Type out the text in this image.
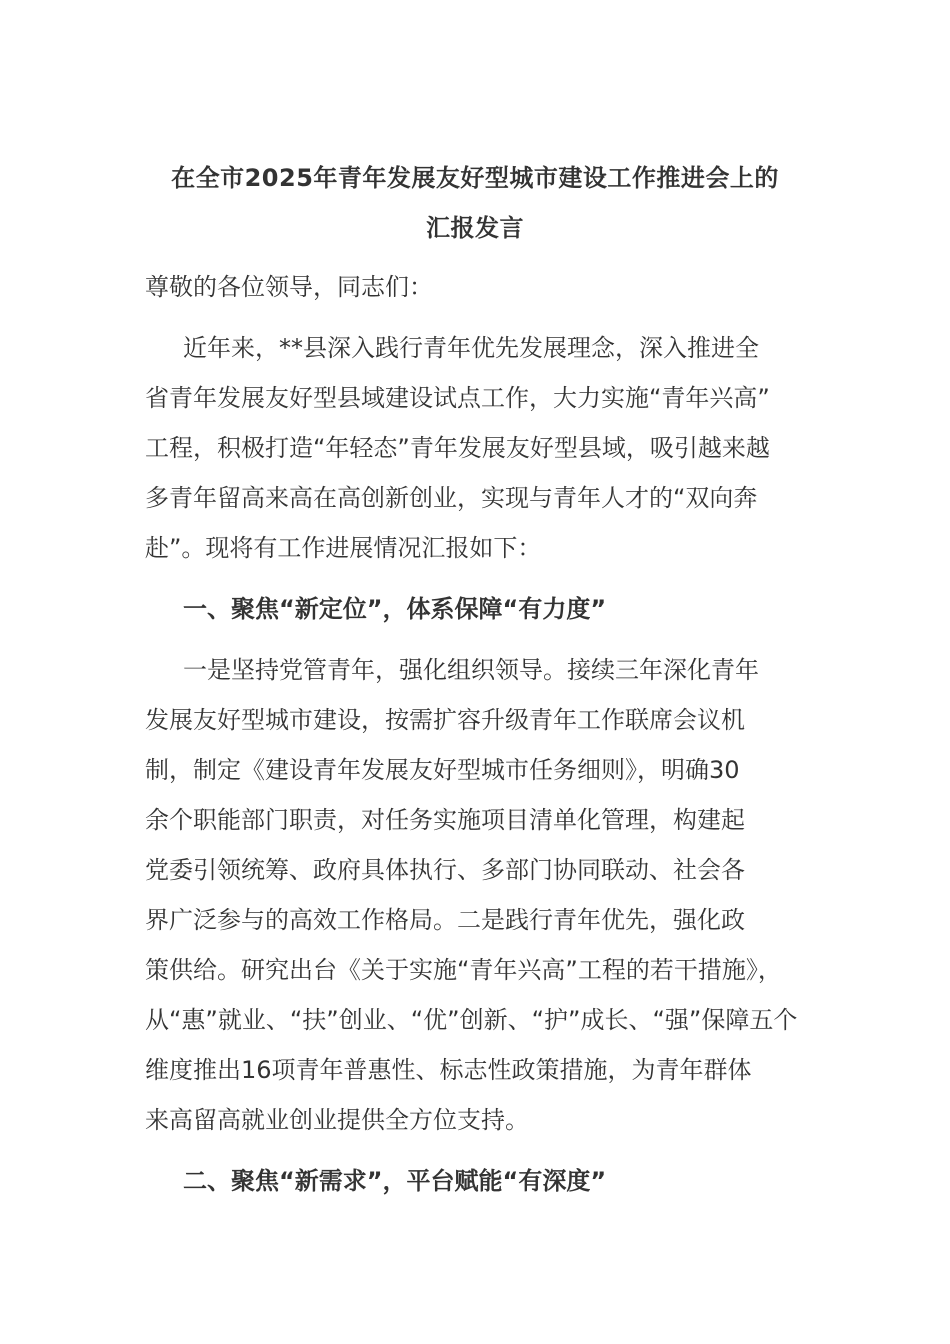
在全市2025年青年发展友好型城市建设工作推进会上的
汇报发言
尊敬的各位领导，同志们：
近年来，**县深入践行青年优先发展理念，深入推进全
省青年发展友好型县域建设试点工作，大力实施“青年兴高”
工程，积极打造“年轻态”青年发展友好型县域，吸引越来越
多青年留高来高在高创新创业，实现与青年人才的“双向奔
赴”。现将有工作进展情况汇报如下：
一、聚焦“新定位”，体系保障“有力度”
一是坚持党管青年，强化组织领导。接续三年深化青年
发展友好型城市建设，按需扩容升级青年工作联席会议机
制，制定《建设青年发展友好型城市任务细则》，明确30
余个职能部门职责，对任务实施项目清单化管理，构建起
党委引领统筹、政府具体执行、多部门协同联动、社会各
界广泛参与的高效工作格局。二是践行青年优先，强化政
策供给。研究出台《关于实施“青年兴高”工程的若干措施》，
从“惠”就业、“扶”创业、“优”创新、“护”成长、“强”保障五个
维度推出16项青年普惠性、标志性政策措施，为青年群体
来高留高就业创业提供全方位支持。
二、聚焦“新需求”，平台赋能“有深度”
